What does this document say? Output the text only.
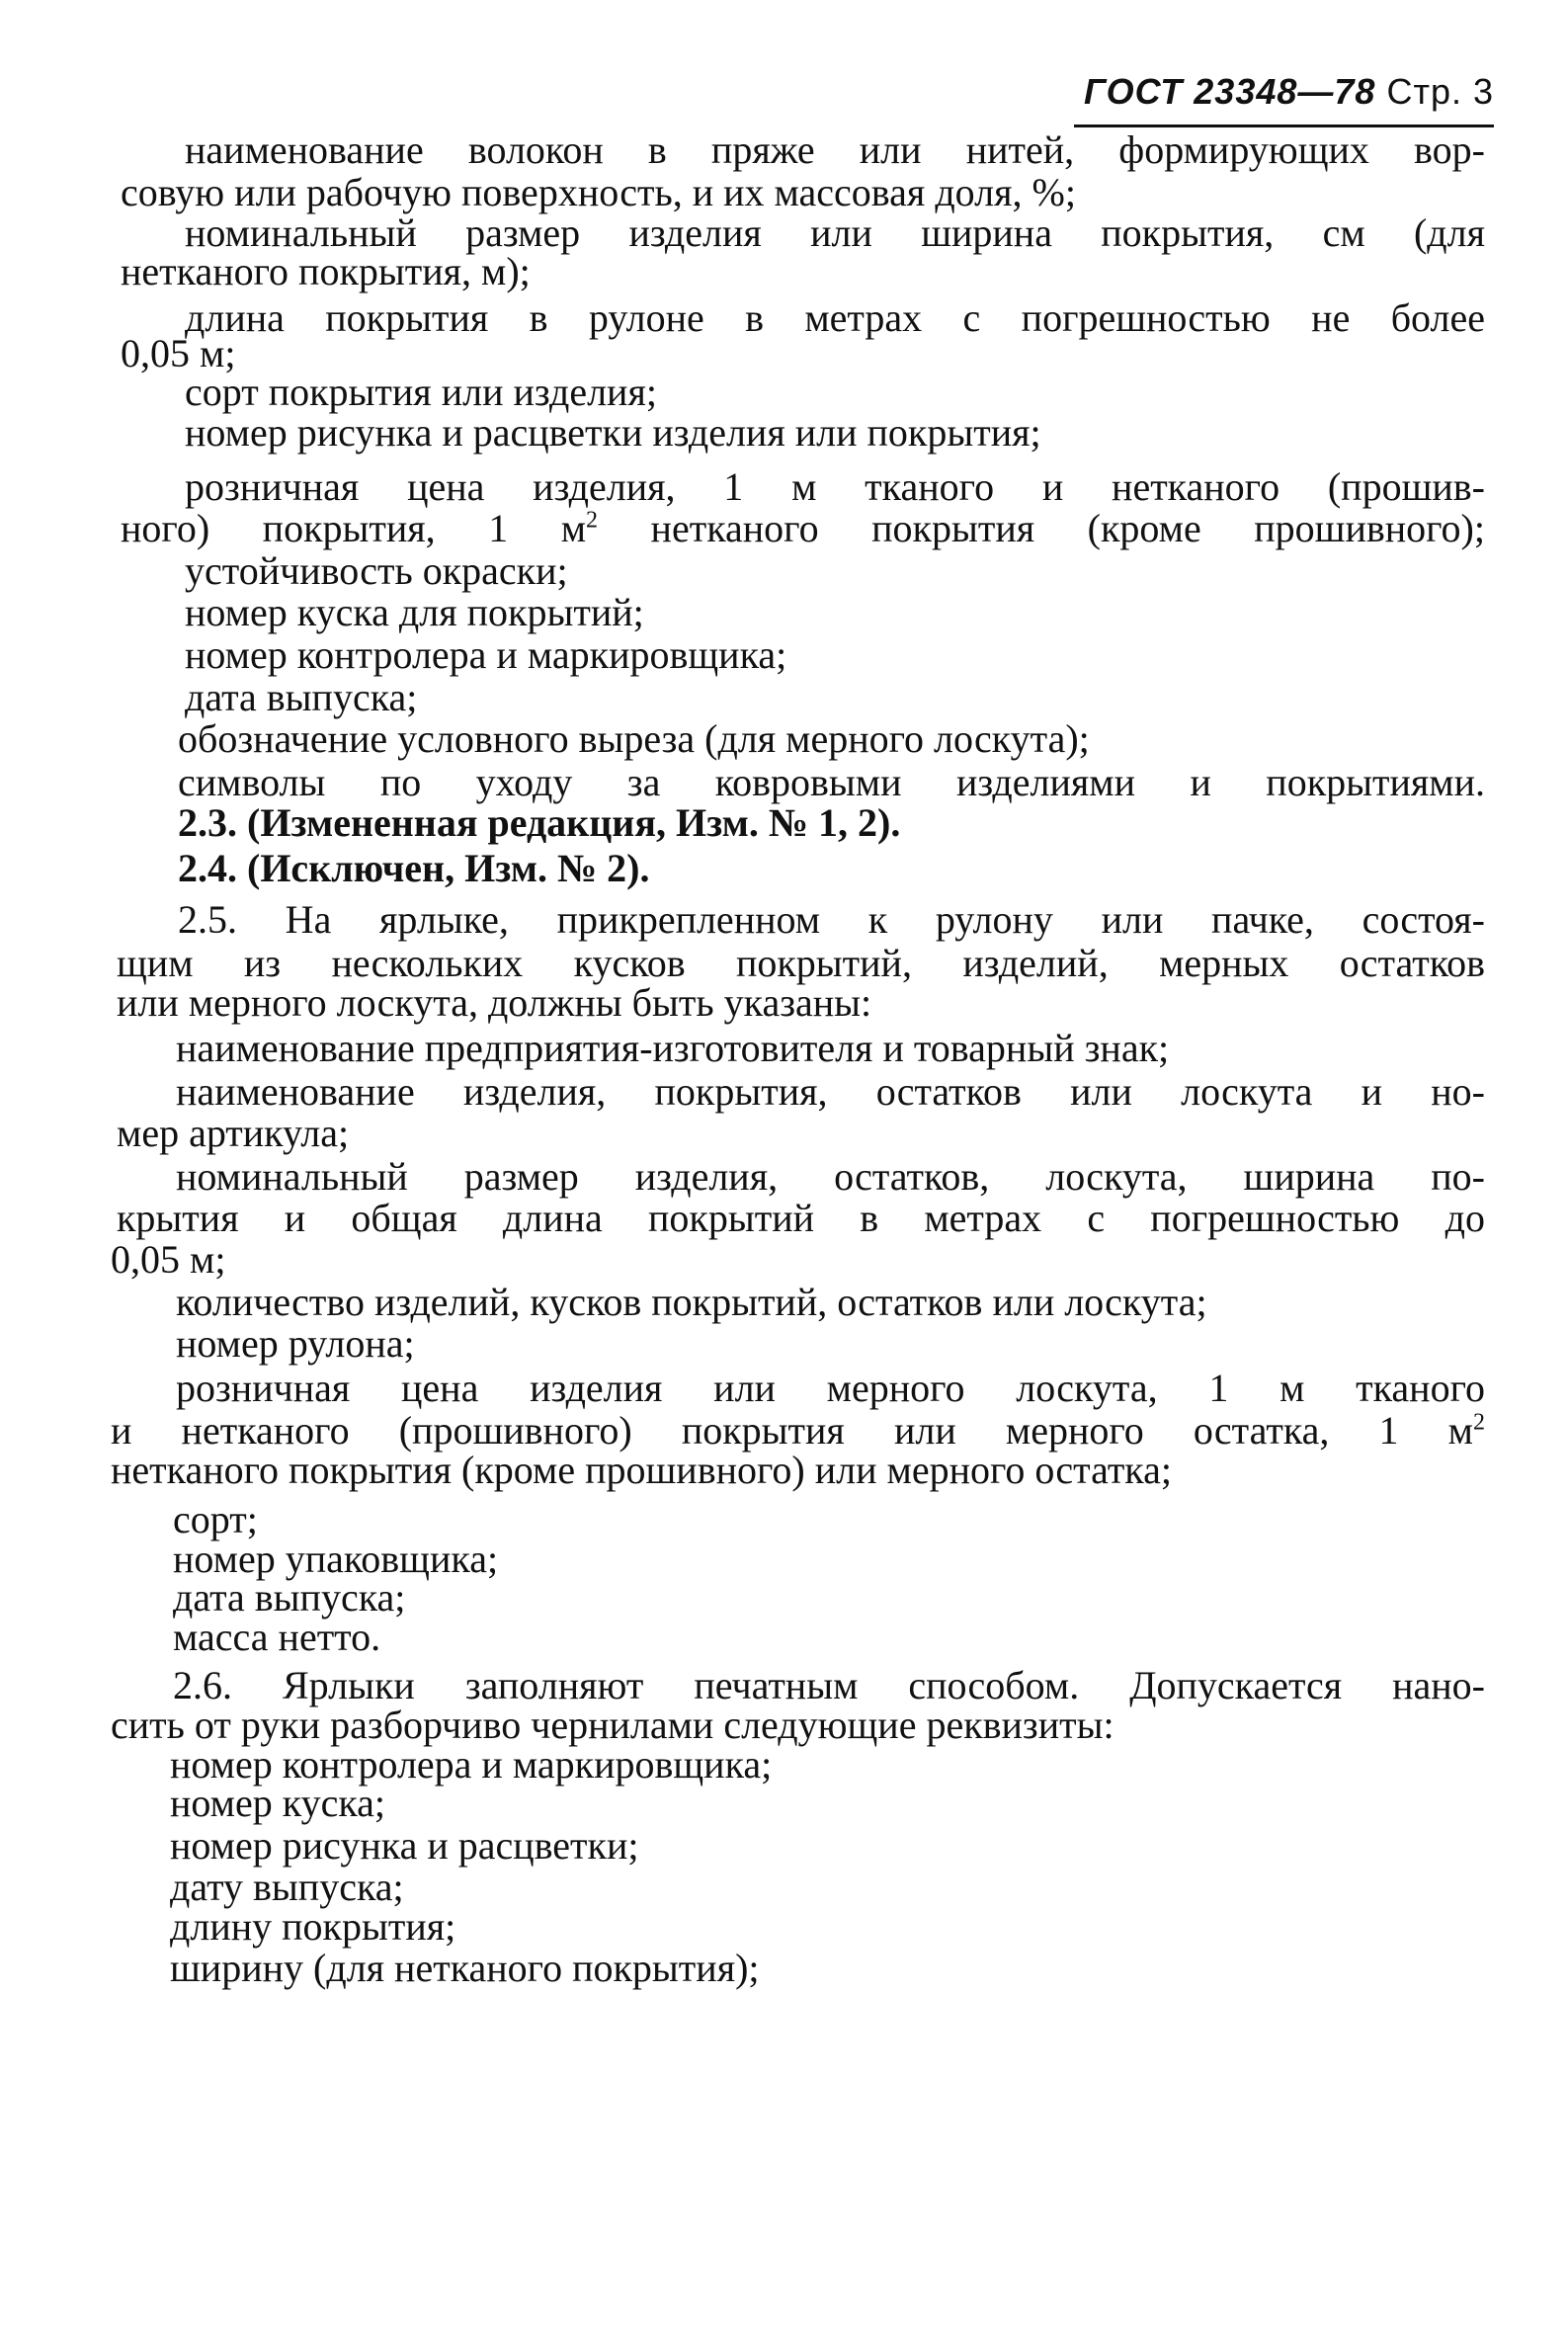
ГОСТ 23348—78 Стр. 3
наименование волокон в пряже или нитей, формирующих вор-
совую или рабочую поверхность, и их массовая доля, %;
номинальный размер изделия или ширина покрытия, см (для
нетканого покрытия, м);
длина покрытия в рулоне в метрах с погрешностью не более
0,05 м;
сорт покрытия или изделия;
номер рисунка и расцветки изделия или покрытия;
розничная цена изделия, 1 м тканого и нетканого (прошив-
ного) покрытия, 1 $м^2$ нетканого покрытия (кроме прошивного);
устойчивость окраски;
номер куска для покрытий;
номер контролера и маркировщика;
дата выпуска;
обозначение условного выреза (для мерного лоскута);
символы по уходу за ковровыми изделиями и покрытиями.
2.3. (Измененная редакция, Изм. № 1, 2).
2.4. (Исключен, Изм. № 2).
2.5. На ярлыке, прикрепленном к рулону или пачке, состоя-
щим из нескольких кусков покрытий, изделий, мерных остатков
или мерного лоскута, должны быть указаны:
наименование предприятия-изготовителя и товарный знак;
наименование изделия, покрытия, остатков или лоскута и но-
мер артикула;
номинальный размер изделия, остатков, лоскута, ширина по-
крытия и общая длина покрытий в метрах с погрешностью до
0,05 м;
количество изделий, кусков покрытий, остатков или лоскута;
номер рулона;
розничная цена изделия или мерного лоскута, 1 м тканого
и нетканого (прошивного) покрытия или мерного остатка, 1 $м^2$
нетканого покрытия (кроме прошивного) или мерного остатка;
сорт;
номер упаковщика;
дата выпуска;
масса нетто.
2.6. Ярлыки заполняют печатным способом. Допускается нано-
сить от руки разборчиво чернилами следующие реквизиты:
номер контролера и маркировщика;
номер куска;
номер рисунка и расцветки;
дату выпуска;
длину покрытия;
ширину (для нетканого покрытия);
